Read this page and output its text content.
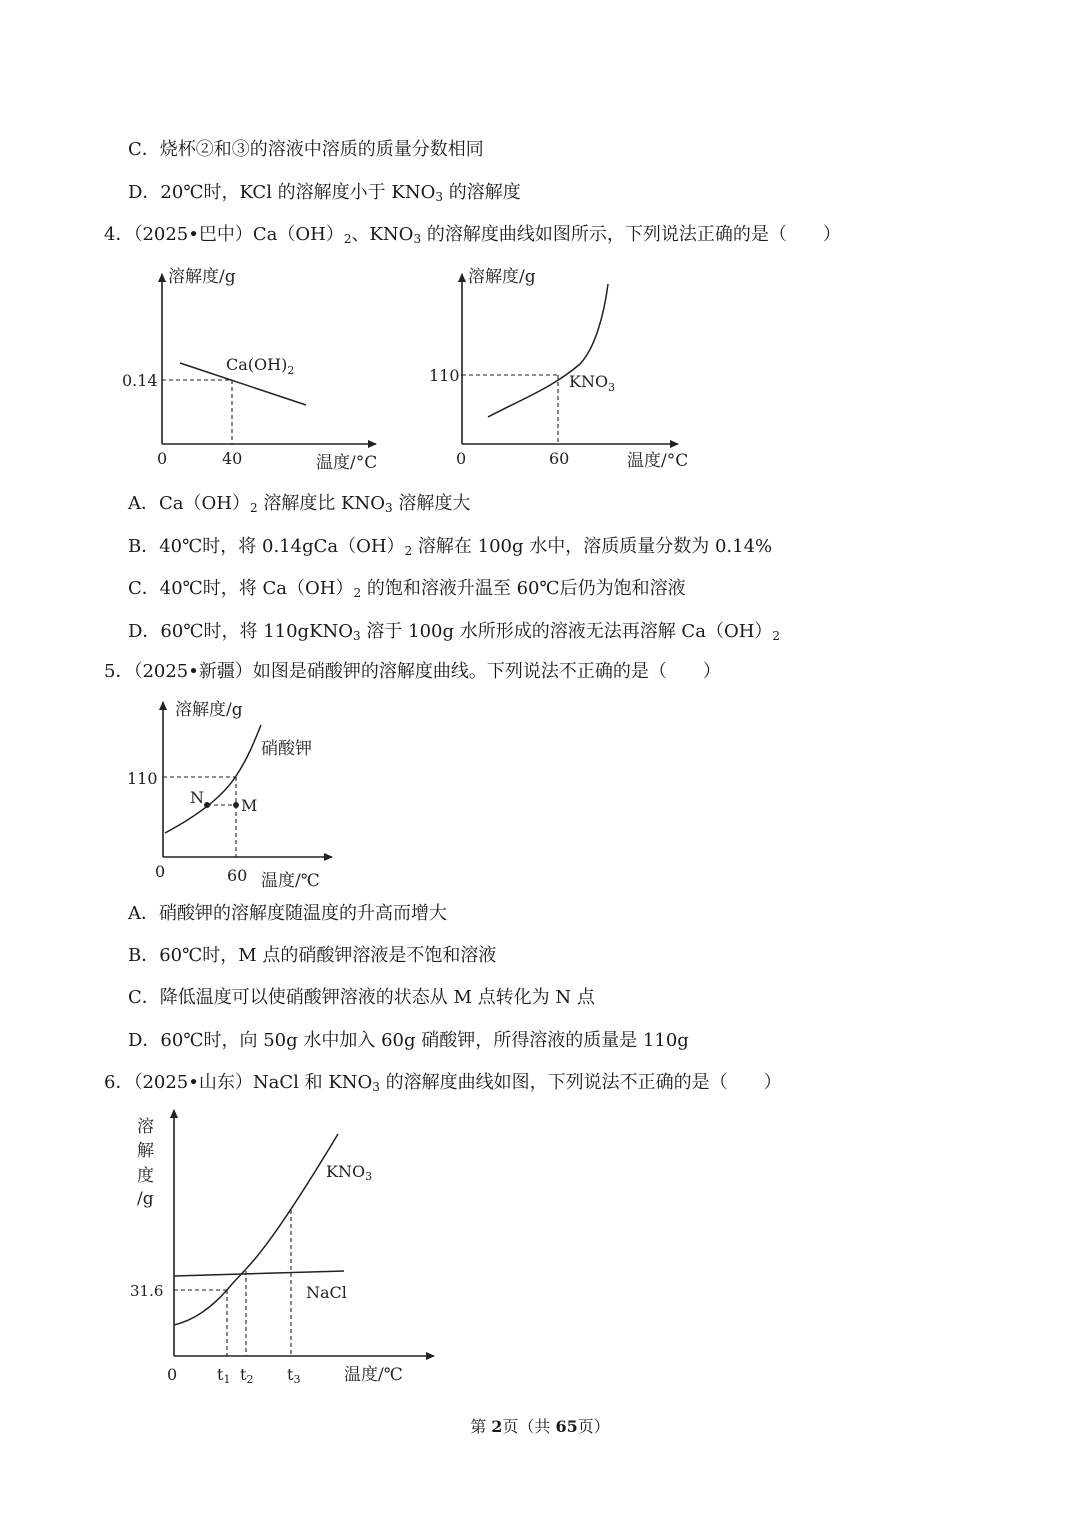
C．烧杯②和③的溶液中溶质的质量分数相同
D．20℃时，KCl 的溶解度小于 $KNO_3$ 的溶解度
4．（2025•巴中）$Ca(OH)_2$、$KNO_3$ 的溶解度曲线如图所示，下列说法正确的是（　　）
溶解度/g
温度/°C
0
0.14
40
$Ca(OH)_2$
溶解度/g
温度/°C
0
110
60
$KNO_3$
A．$Ca(OH)_2$ 溶解度比 $KNO_3$ 溶解度大
B．40℃时，将 $0.14gCa(OH)_2$ 溶解在 100g 水中，溶质质量分数为 0.14%
C．40℃时，将 $Ca(OH)_2$ 的饱和溶液升温至 60℃后仍为饱和溶液
D．60℃时，将 110gKNO$_3$ 溶于 100g 水所形成的溶液无法再溶解 $Ca(OH)_2$
5．（2025•新疆）如图是硝酸钾的溶解度曲线。下列说法不正确的是（　　）
溶解度/g
温度/℃
0
110
60
硝酸钾
N M
A．硝酸钾的溶解度随温度的升高而增大
B．60℃时，M 点的硝酸钾溶液是不饱和溶液
C．降低温度可以使硝酸钾溶液的状态从 M 点转化为 N 点
D．60℃时，向 50g 水中加入 60g 硝酸钾，所得溶液的质量是 110g
6．（2025•山东）NaCl 和 $KNO_3$ 的溶解度曲线如图，下列说法不正确的是（　　）
溶
解
度
/g
温度/℃
0
31.6
t1 t2 t3
KNO3
NaCl
第 2页（共 65页）
